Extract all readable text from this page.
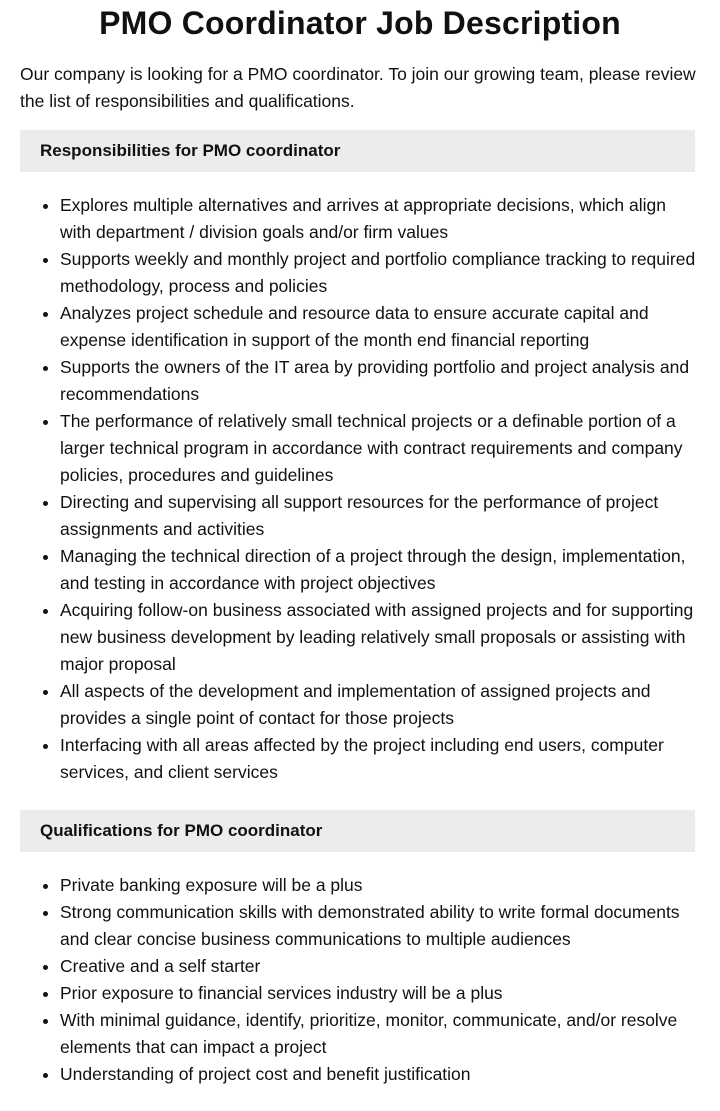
PMO Coordinator Job Description

Our company is looking for a PMO coordinator. To join our growing team, please review the list of responsibilities and qualifications.

Responsibilities for PMO coordinator
• Explores multiple alternatives and arrives at appropriate decisions, which align with department / division goals and/or firm values
• Supports weekly and monthly project and portfolio compliance tracking to required methodology, process and policies
• Analyzes project schedule and resource data to ensure accurate capital and expense identification in support of the month end financial reporting
• Supports the owners of the IT area by providing portfolio and project analysis and recommendations
• The performance of relatively small technical projects or a definable portion of a larger technical program in accordance with contract requirements and company policies, procedures and guidelines
• Directing and supervising all support resources for the performance of project assignments and activities
• Managing the technical direction of a project through the design, implementation, and testing in accordance with project objectives
• Acquiring follow-on business associated with assigned projects and for supporting new business development by leading relatively small proposals or assisting with major proposal
• All aspects of the development and implementation of assigned projects and provides a single point of contact for those projects
• Interfacing with all areas affected by the project including end users, computer services, and client services
Qualifications for PMO coordinator
• Private banking exposure will be a plus
• Strong communication skills with demonstrated ability to write formal documents and clear concise business communications to multiple audiences
• Creative and a self starter
• Prior exposure to financial services industry will be a plus
• With minimal guidance, identify, prioritize, monitor, communicate, and/or resolve elements that can impact a project
• Understanding of project cost and benefit justification
